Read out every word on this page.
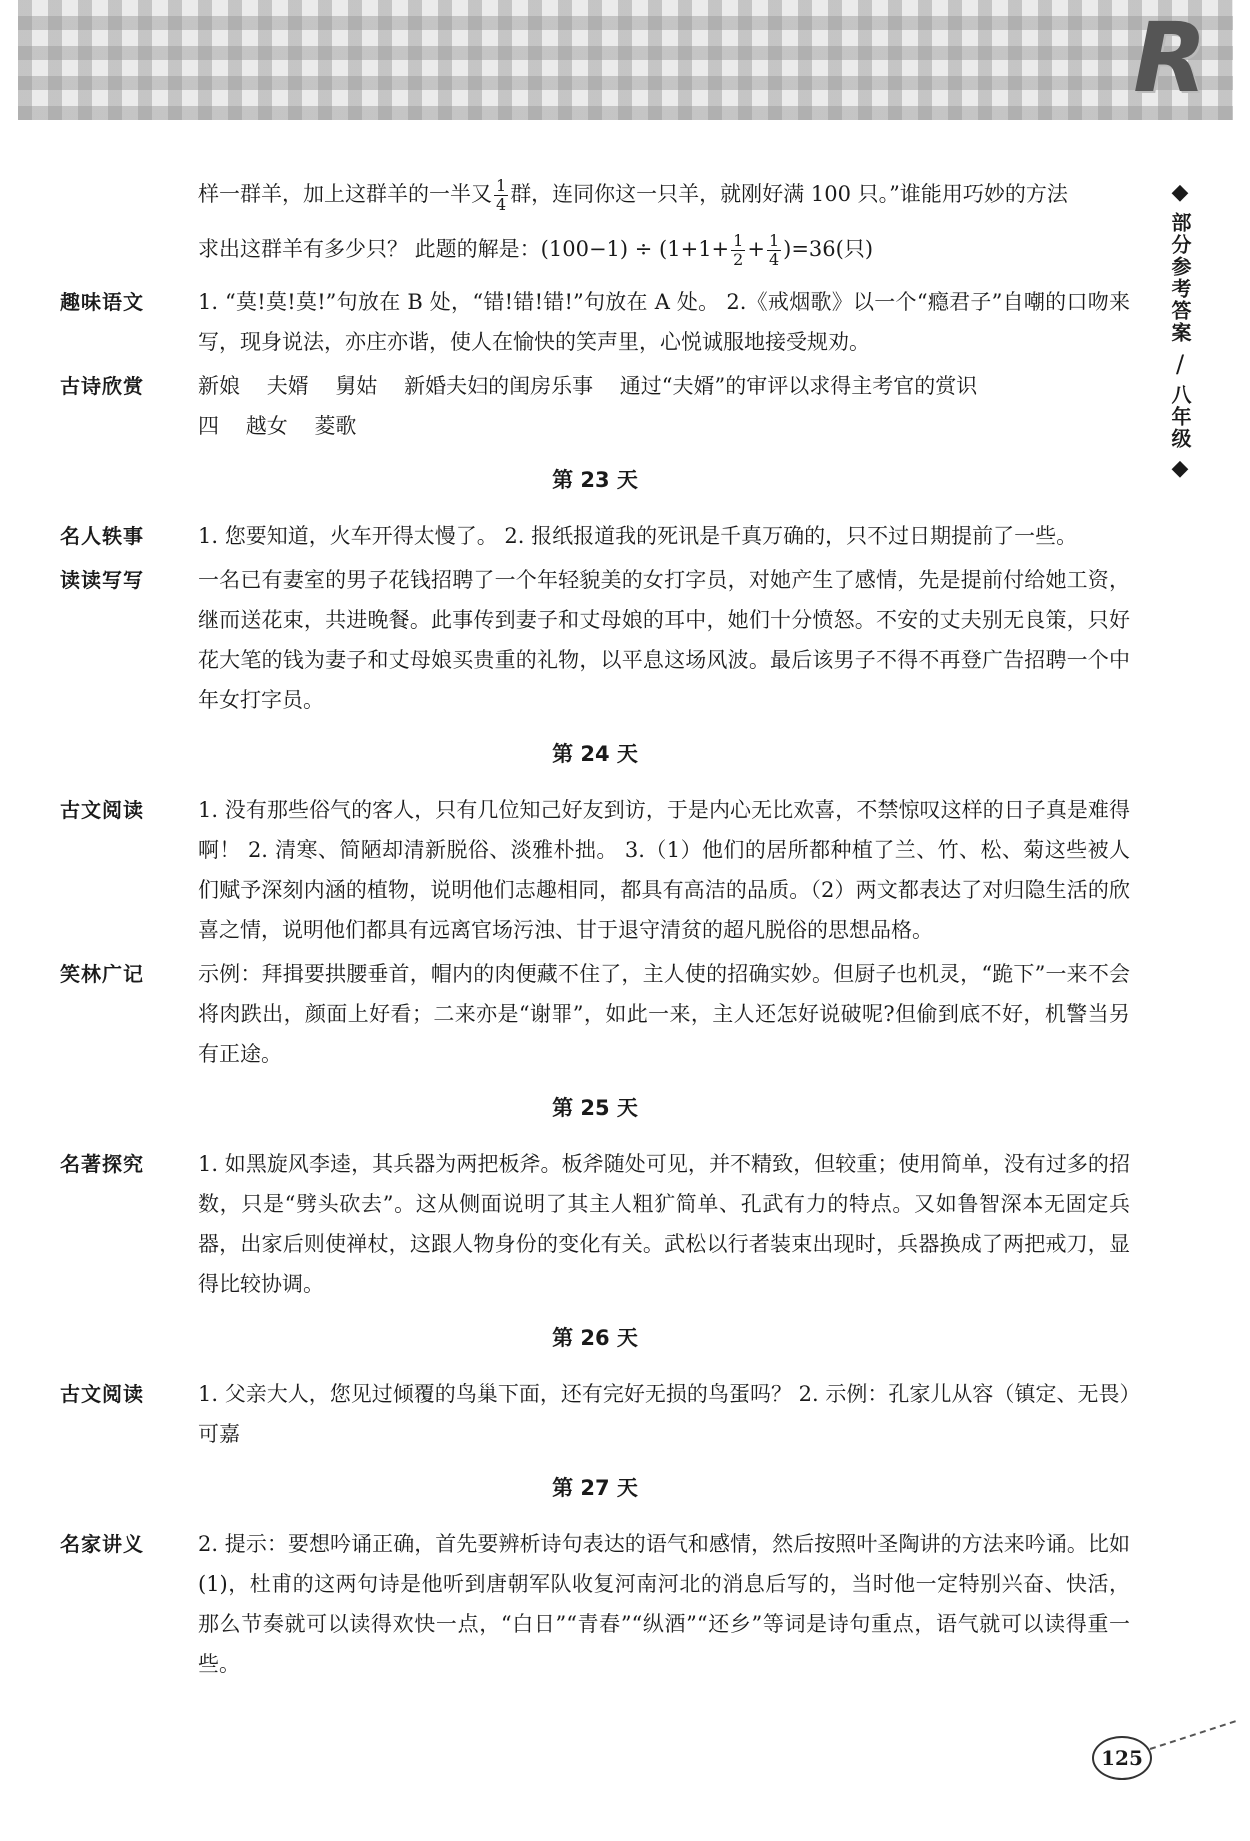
R
◆
部分参考答案
/
八年级
◆
样一群羊，加上这群羊的一半又 $\frac{1}{4}$ 群，连同你这一只羊，就刚好满 100 只。”谁能用巧妙的方法
求出这群羊有多少只？ 此题的解是：$(100-1) \div (1+1+ \frac{1}{2} + \frac{1}{4} )=36$(只)
趣味语文	1. “莫!莫!莫!”句放在 B 处，“错!错!错!”句放在 A 处。 2.《戒烟歌》以一个“瘾君子”自嘲的口吻来写，现身说法，亦庄亦谐，使人在愉快的笑声里，心悦诚服地接受规劝。
古诗欣赏	新娘    夫婿    舅姑    新婚夫妇的闺房乐事    通过“夫婿”的审评以求得主考官的赏识
四    越女    菱歌
第 23 天
名人轶事	1. 您要知道，火车开得太慢了。 2. 报纸报道我的死讯是千真万确的，只不过日期提前了一些。
读读写写	一名已有妻室的男子花钱招聘了一个年轻貌美的女打字员，对她产生了感情，先是提前付给她工资，继而送花束，共进晚餐。此事传到妻子和丈母娘的耳中，她们十分愤怒。不安的丈夫别无良策，只好花大笔的钱为妻子和丈母娘买贵重的礼物，以平息这场风波。最后该男子不得不再登广告招聘一个中年女打字员。
第 24 天
古文阅读	1. 没有那些俗气的客人，只有几位知己好友到访，于是内心无比欢喜，不禁惊叹这样的日子真是难得啊！ 2. 清寒、简陋却清新脱俗、淡雅朴拙。 3.（1）他们的居所都种植了兰、竹、松、菊这些被人们赋予深刻内涵的植物，说明他们志趣相同，都具有高洁的品质。（2）两文都表达了对归隐生活的欣喜之情，说明他们都具有远离官场污浊、甘于退守清贫的超凡脱俗的思想品格。
笑林广记	示例：拜揖要拱腰垂首，帽内的肉便藏不住了，主人使的招确实妙。但厨子也机灵，“跪下”一来不会将肉跌出，颜面上好看；二来亦是“谢罪”，如此一来，主人还怎好说破呢?但偷到底不好，机警当另有正途。
第 25 天
名著探究	1. 如黑旋风李逵，其兵器为两把板斧。板斧随处可见，并不精致，但较重；使用简单，没有过多的招数，只是“劈头砍去”。这从侧面说明了其主人粗犷简单、孔武有力的特点。又如鲁智深本无固定兵器，出家后则使禅杖，这跟人物身份的变化有关。武松以行者装束出现时，兵器换成了两把戒刀，显得比较协调。
第 26 天
古文阅读	1. 父亲大人，您见过倾覆的鸟巢下面，还有完好无损的鸟蛋吗？ 2. 示例：孔家儿从容（镇定、无畏）可嘉
第 27 天
名家讲义	2. 提示：要想吟诵正确，首先要辨析诗句表达的语气和感情，然后按照叶圣陶讲的方法来吟诵。比如(1)，杜甫的这两句诗是他听到唐朝军队收复河南河北的消息后写的，当时他一定特别兴奋、快活，那么节奏就可以读得欢快一点，“白日”“青春”“纵酒”“还乡”等词是诗句重点，语气就可以读得重一些。
125
